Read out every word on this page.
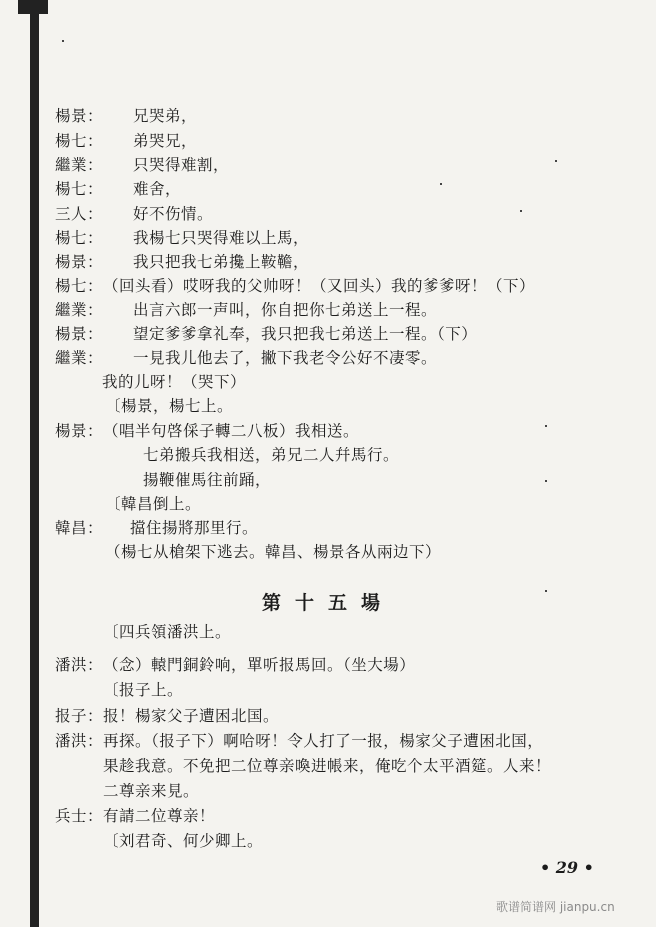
楊景： 兄哭弟，
楊七： 弟哭兄，
繼業： 只哭得难割，
楊七： 难舍，
三人： 好不伤情。
楊七： 我楊七只哭得难以上馬，
楊景： 我只把我七弟攙上鞍韂，
楊七： （回头看）哎呀我的父帅呀！（又回头）我的爹爹呀！（下）
繼業： 出言六郎一声叫，你自把你七弟送上一程。
楊景： 望定爹爹拿礼奉，我只把我七弟送上一程。（下）
繼業： 一見我儿他去了，撇下我老令公好不凄零。
我的儿呀！（哭下）
〔楊景，楊七上。
楊景： （唱半句啓倸子轉二八板）我相送。
七弟搬兵我相送，弟兄二人幷馬行。
揚鞭催馬往前踊，
〔韓昌倒上。
韓昌： 擋住揚將那里行。
（楊七从槍架下逃去。韓昌、楊景各从兩边下）
〔四兵領潘洪上。
潘洪： （念）轅門銅鈴响，單听报馬回。（坐大場）
〔报子上。
报子： 报！楊家父子遭困北国。
潘洪： 再探。（报子下）啊哈呀！令人打了一报，楊家父子遭困北国，
果趁我意。不免把二位尊亲喚进帳来，俺吃个太平酒筵。人来！
二尊亲来見。
兵士： 有請二位尊亲！
〔刘君奇、何少卿上。
第十五場
• 29 •
歌谱简谱网 jianpu.cn
